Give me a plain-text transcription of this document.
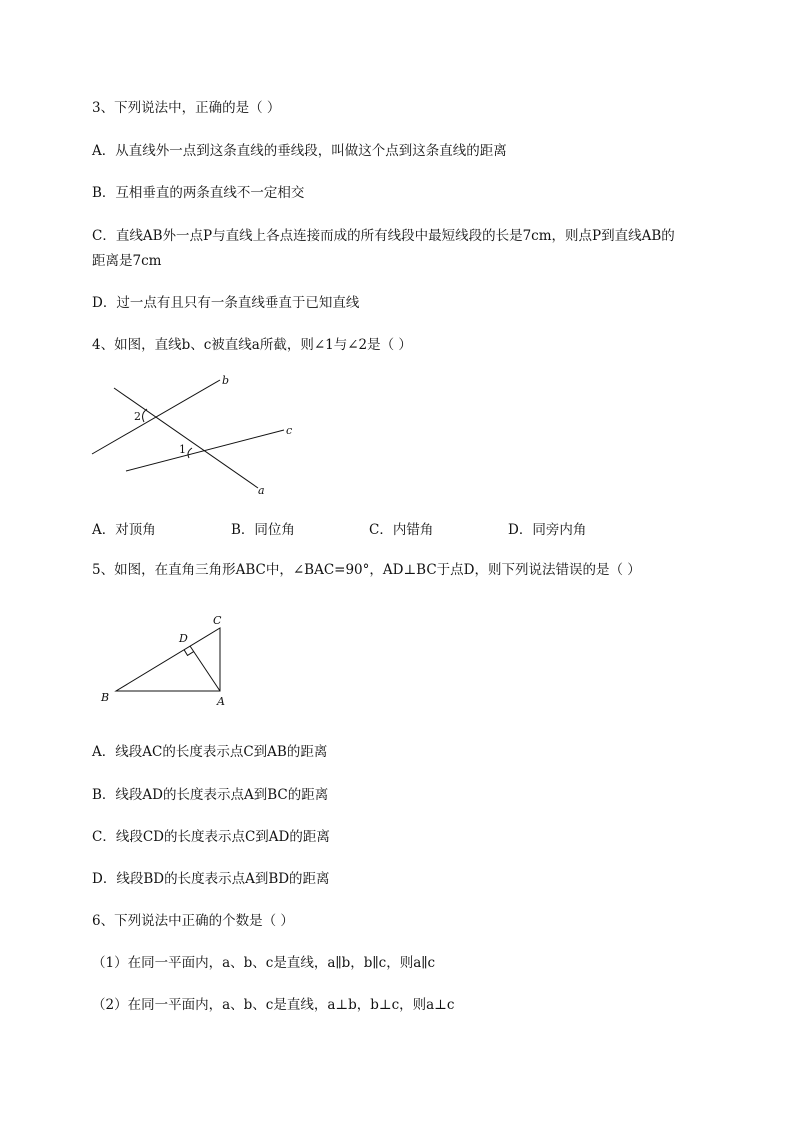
3、下列说法中，正确的是（ ）
A．从直线外一点到这条直线的垂线段，叫做这个点到这条直线的距离
B．互相垂直的两条直线不一定相交
C．直线AB外一点P与直线上各点连接而成的所有线段中最短线段的长是7cm，则点P到直线AB的
距离是7cm
D．过一点有且只有一条直线垂直于已知直线
4、如图，直线b、c被直线a所截，则∠1与∠2是（ ）
b
c
a
2
1
A．对顶角	B．同位角	C．内错角	D．同旁内角
5、如图，在直角三角形ABC中，∠BAC=90°，AD⊥BC于点D，则下列说法错误的是（ ）
B	A
C
D
A．线段AC的长度表示点C到AB的距离
B．线段AD的长度表示点A到BC的距离
C．线段CD的长度表示点C到AD的距离
D．线段BD的长度表示点A到BD的距离
6、下列说法中正确的个数是（ ）
（1）在同一平面内，a、b、c是直线，a∥b，b∥c，则a∥c
（2）在同一平面内，a、b、c是直线，a⊥b，b⊥c，则a⊥c
